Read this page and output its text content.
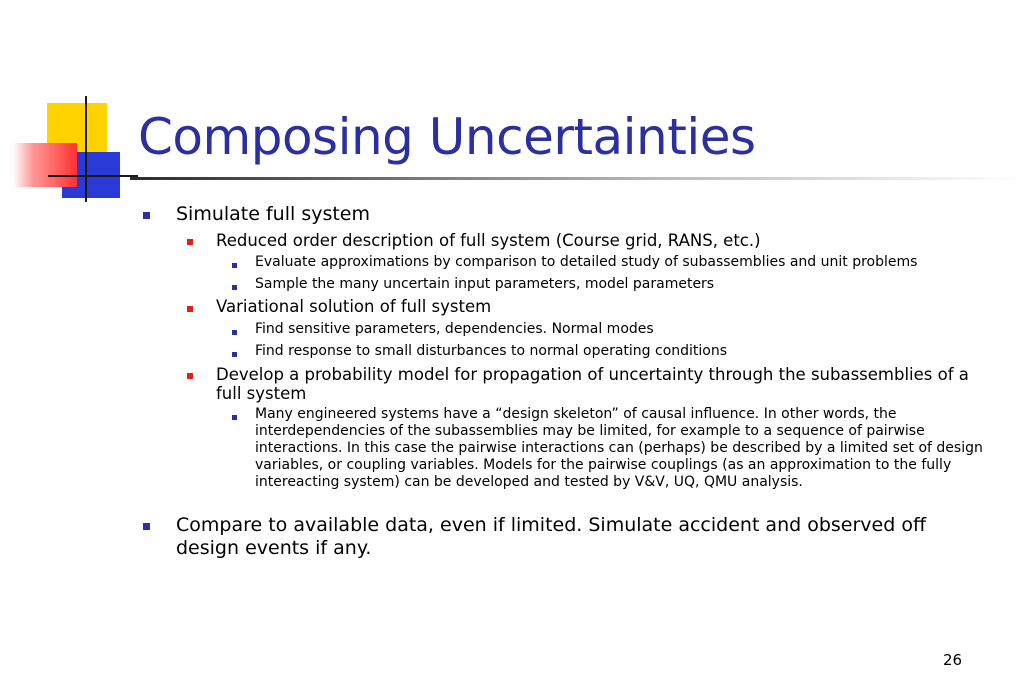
Composing Uncertainties
Simulate full system
Reduced order description of full system (Course grid, RANS, etc.)
Evaluate approximations by comparison to detailed study of subassemblies and unit problems
Sample the many uncertain input parameters, model parameters
Variational solution of full system
Find sensitive parameters, dependencies. Normal modes
Find response to small disturbances to normal operating conditions
Develop a probability model for propagation of uncertainty through the subassemblies of a full system
Many engineered systems have a “design skeleton” of causal influence. In other words, the interdependencies of the subassemblies may be limited, for example to a sequence of pairwise interactions. In this case the pairwise interactions can (perhaps) be described by a limited set of design variables, or coupling variables. Models for the pairwise couplings (as an approximation to the fully intereacting system) can be developed and tested by V&V, UQ, QMU analysis.
Compare to available data, even if limited. Simulate accident and observed off design events if any.
26
